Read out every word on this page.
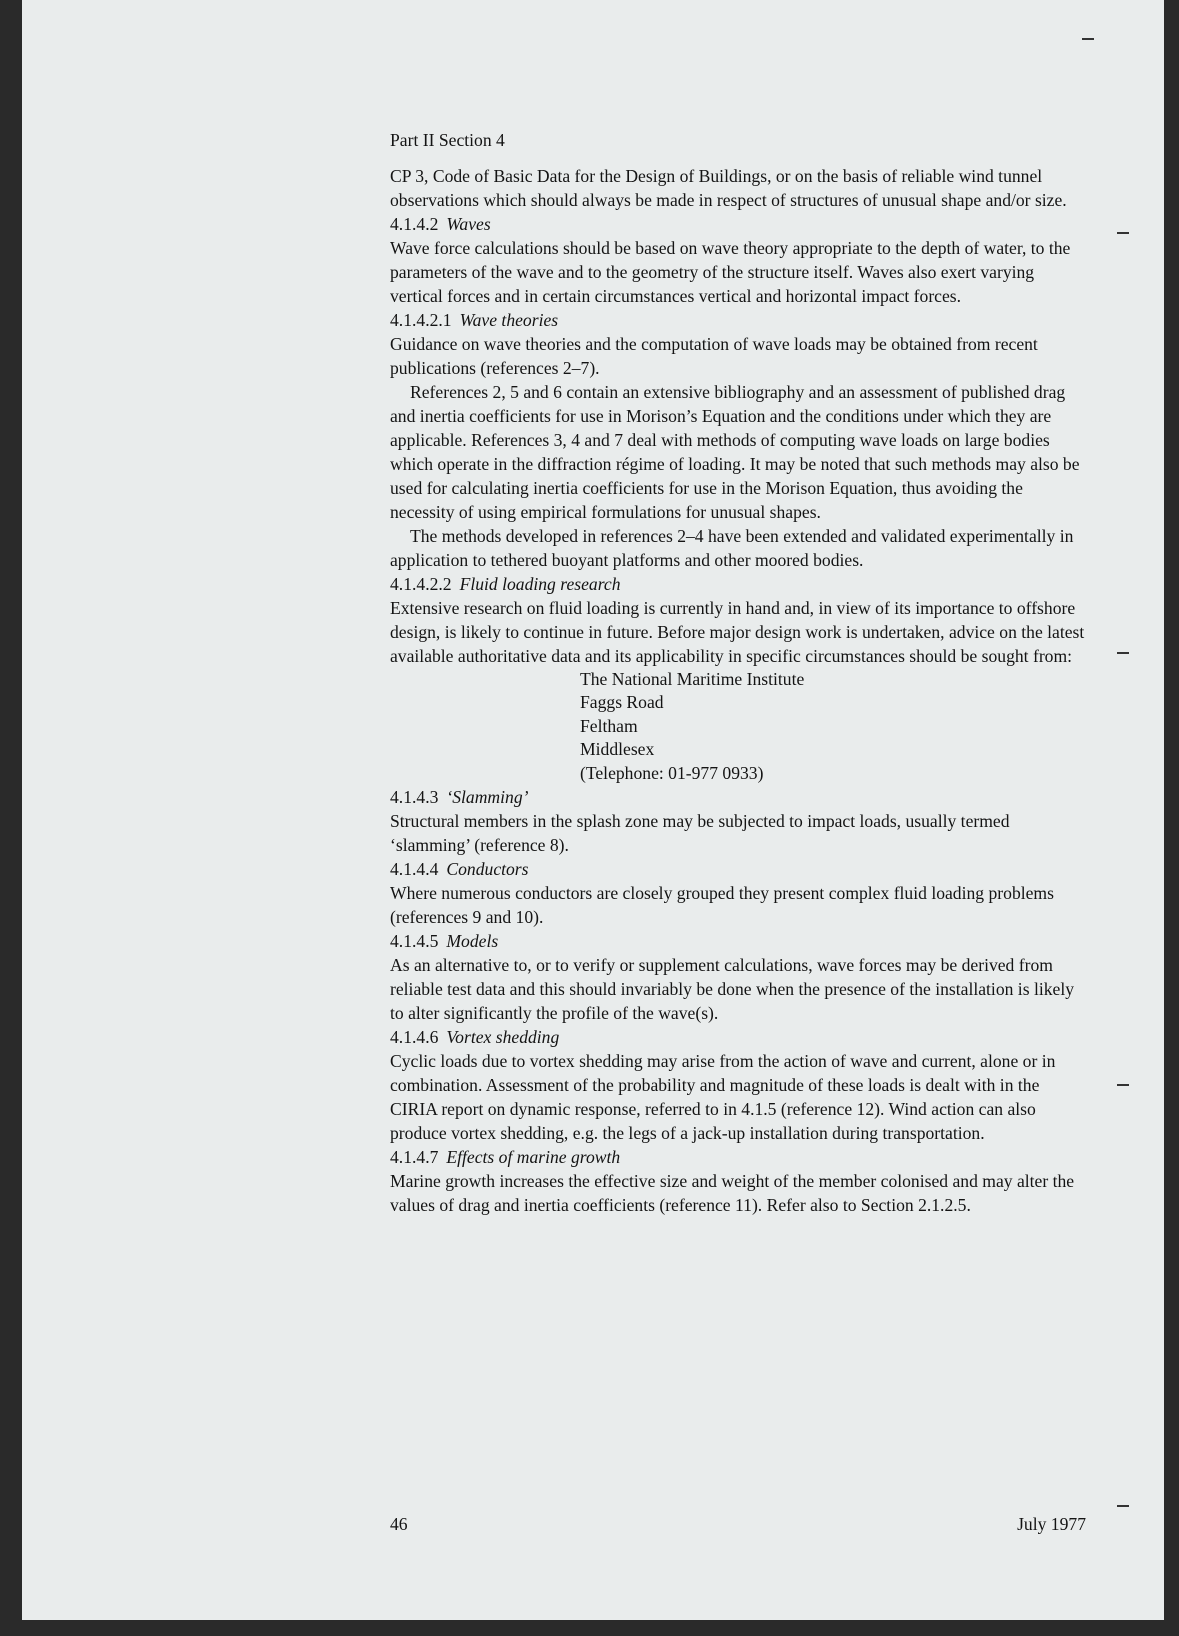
Part II Section 4

CP 3, Code of Basic Data for the Design of Buildings, or on the basis of reliable wind tunnel observations which should always be made in respect of structures of unusual shape and/or size.

4.1.4.2 Waves

Wave force calculations should be based on wave theory appropriate to the depth of water, to the parameters of the wave and to the geometry of the structure itself. Waves also exert varying vertical forces and in certain circumstances vertical and horizontal impact forces.

4.1.4.2.1 Wave theories

Guidance on wave theories and the computation of wave loads may be obtained from recent publications (references 2–7).

References 2, 5 and 6 contain an extensive bibliography and an assessment of published drag and inertia coefficients for use in Morison’s Equation and the conditions under which they are applicable. References 3, 4 and 7 deal with methods of computing wave loads on large bodies which operate in the diffraction régime of loading. It may be noted that such methods may also be used for calculating inertia coefficients for use in the Morison Equation, thus avoiding the necessity of using empirical formulations for unusual shapes.

The methods developed in references 2–4 have been extended and validated experimentally in application to tethered buoyant platforms and other moored bodies.

4.1.4.2.2 Fluid loading research

Extensive research on fluid loading is currently in hand and, in view of its importance to offshore design, is likely to continue in future. Before major design work is undertaken, advice on the latest available authoritative data and its applicability in specific circumstances should be sought from:

The National Maritime Institute
Faggs Road
Feltham
Middlesex
(Telephone: 01-977 0933)
4.1.4.3 ‘Slamming’

Structural members in the splash zone may be subjected to impact loads, usually termed ‘slamming’ (reference 8).

4.1.4.4 Conductors

Where numerous conductors are closely grouped they present complex fluid loading problems (references 9 and 10).

4.1.4.5 Models

As an alternative to, or to verify or supplement calculations, wave forces may be derived from reliable test data and this should invariably be done when the presence of the installation is likely to alter significantly the profile of the wave(s).

4.1.4.6 Vortex shedding

Cyclic loads due to vortex shedding may arise from the action of wave and current, alone or in combination. Assessment of the probability and magnitude of these loads is dealt with in the CIRIA report on dynamic response, referred to in 4.1.5 (reference 12). Wind action can also produce vortex shedding, e.g. the legs of a jack-up installation during transportation.

4.1.4.7 Effects of marine growth

Marine growth increases the effective size and weight of the member colonised and may alter the values of drag and inertia coefficients (reference 11). Refer also to Section 2.1.2.5.

46	July 1977
